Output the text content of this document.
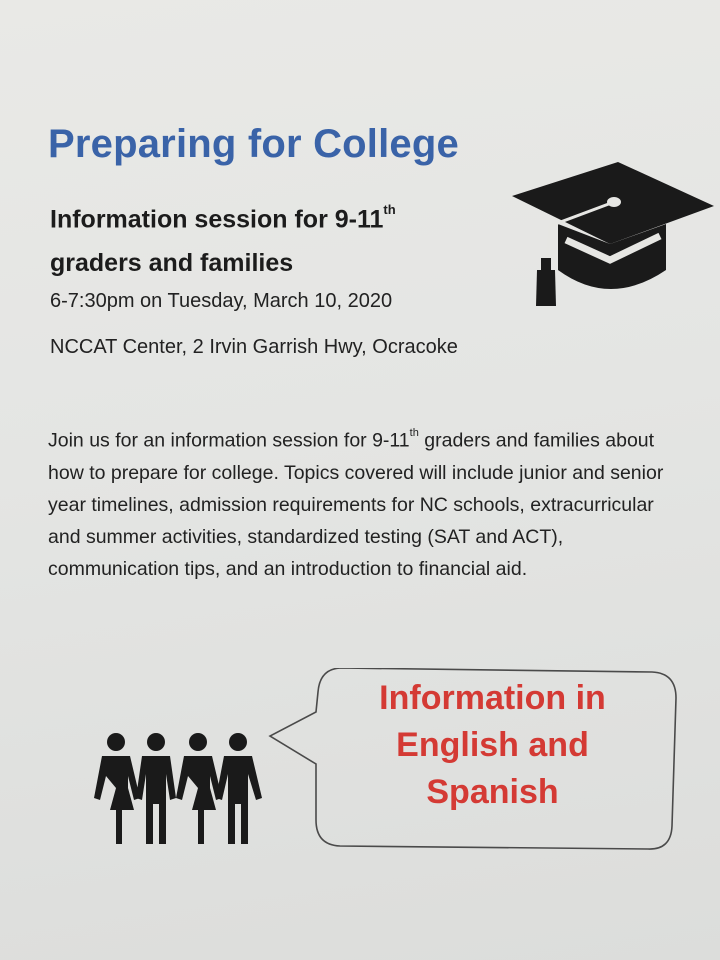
Preparing for College
Information session for 9-11th
graders and families

6-7:30pm on Tuesday, March 10, 2020

NCCAT Center, 2 Irvin Garrish Hwy, Ocracoke

Join us for an information session for 9-11th graders and families about how to prepare for college. Topics covered will include junior and senior year timelines, admission requirements for NC schools, extracurricular and summer activities, standardized testing (SAT and ACT), communication tips, and an introduction to financial aid.

Information in
English and
Spanish
